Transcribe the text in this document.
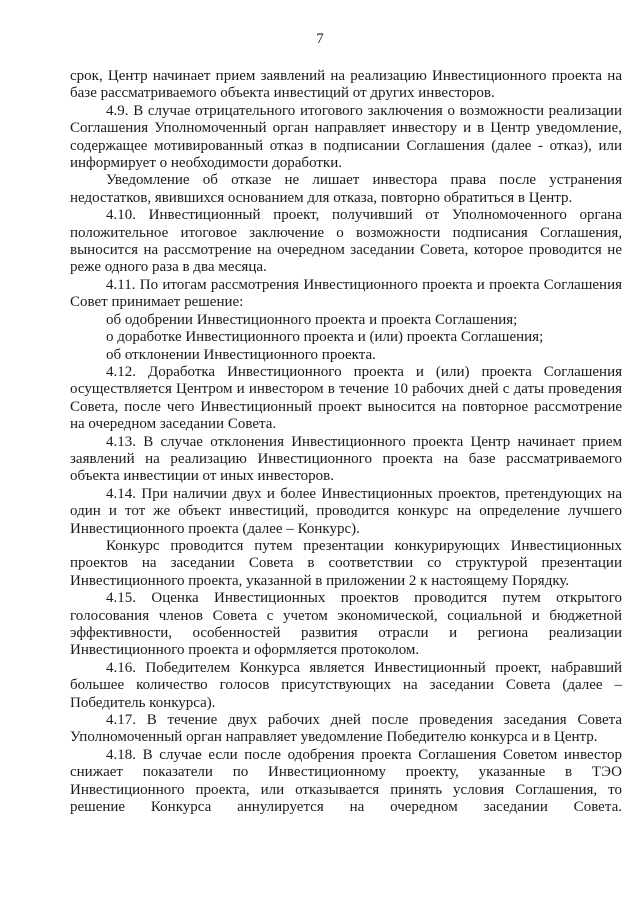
7

срок, Центр начинает прием заявлений на реализацию Инвестиционного проекта на базе рассматриваемого объекта инвестиций от других инвесторов.

4.9. В случае отрицательного итогового заключения о возможности реализации Соглашения Уполномоченный орган направляет инвестору и в Центр уведомление, содержащее мотивированный отказ в подписании Соглашения (далее - отказ), или информирует о необходимости доработки.

Уведомление об отказе не лишает инвестора права после устранения недостатков, явившихся основанием для отказа, повторно обратиться в Центр.

4.10. Инвестиционный проект, получивший от Уполномоченного органа положительное итоговое заключение о возможности подписания Соглашения, выносится на рассмотрение на очередном заседании Совета, которое проводится не реже одного раза в два месяца.

4.11. По итогам рассмотрения Инвестиционного проекта и проекта Соглашения Совет принимает решение:

об одобрении Инвестиционного проекта и проекта Соглашения;

о доработке Инвестиционного проекта и (или) проекта Соглашения;

об отклонении Инвестиционного проекта.

4.12. Доработка Инвестиционного проекта и (или) проекта Соглашения осуществляется Центром и инвестором в течение 10 рабочих дней с даты проведения Совета, после чего Инвестиционный проект выносится на повторное рассмотрение на очередном заседании Совета.

4.13. В случае отклонения Инвестиционного проекта Центр начинает прием заявлений на реализацию Инвестиционного проекта на базе рассматриваемого объекта инвестиции от иных инвесторов.

4.14. При наличии двух и более Инвестиционных проектов, претендующих на один и тот же объект инвестиций, проводится конкурс на определение лучшего Инвестиционного проекта (далее – Конкурс).

Конкурс проводится путем презентации конкурирующих Инвестиционных проектов на заседании Совета в соответствии со структурой презентации Инвестиционного проекта, указанной в приложении 2 к настоящему Порядку.

4.15. Оценка Инвестиционных проектов проводится путем открытого голосования членов Совета с учетом экономической, социальной и бюджетной эффективности, особенностей развития отрасли и региона реализации Инвестиционного проекта и оформляется протоколом.

4.16. Победителем Конкурса является Инвестиционный проект, набравший большее количество голосов присутствующих на заседании Совета (далее – Победитель конкурса).

4.17. В течение двух рабочих дней после проведения заседания Совета Уполномоченный орган направляет уведомление Победителю конкурса и в Центр.

4.18. В случае если после одобрения проекта Соглашения Советом инвестор снижает показатели по Инвестиционному проекту, указанные в ТЭО Инвестиционного проекта, или отказывается принять условия Соглашения, то решение Конкурса аннулируется на очередном заседании Совета.
